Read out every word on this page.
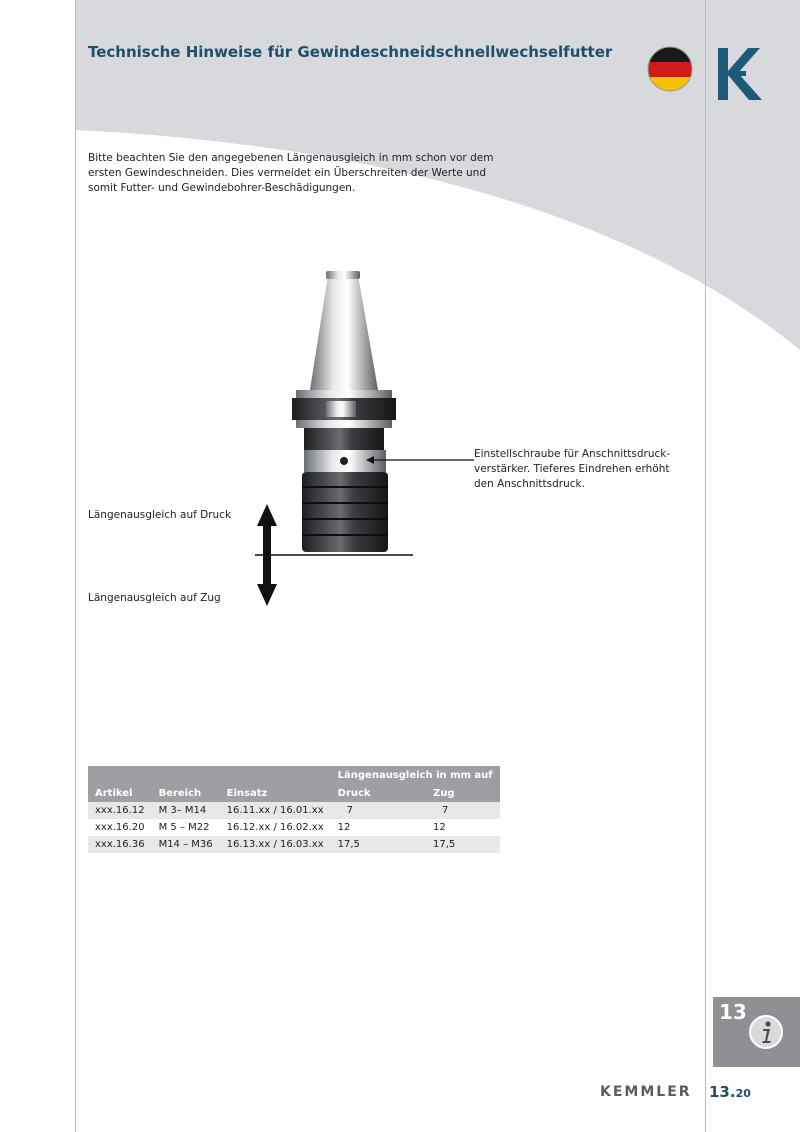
Technische Hinweise für Gewindeschneidschnellwechselfutter
Bitte beachten Sie den angegebenen Längenausgleich in mm schon vor dem ersten Gewindeschneiden. Dies vermeidet ein Überschreiten der Werte und somit Futter- und Gewindebohrer-Beschädigungen.
Einstellschraube für Anschnittsdruck-verstärker. Tieferes Eindrehen erhöht den Anschnittsdruck.
Längenausgleich auf Druck
Längenausgleich auf Zug
			Längenausgleich in mm auf	
Artikel	Bereich	Einsatz	Druck	Zug
xxx.16.12	M 3– M14	16.11.xx / 16.01.xx	7	7
xxx.16.20	M 5 – M22	16.12.xx / 16.02.xx	12	12
xxx.16.36	M14 – M36	16.13.xx / 16.03.xx	17,5	17,5
13
KEMMLER 13.20
